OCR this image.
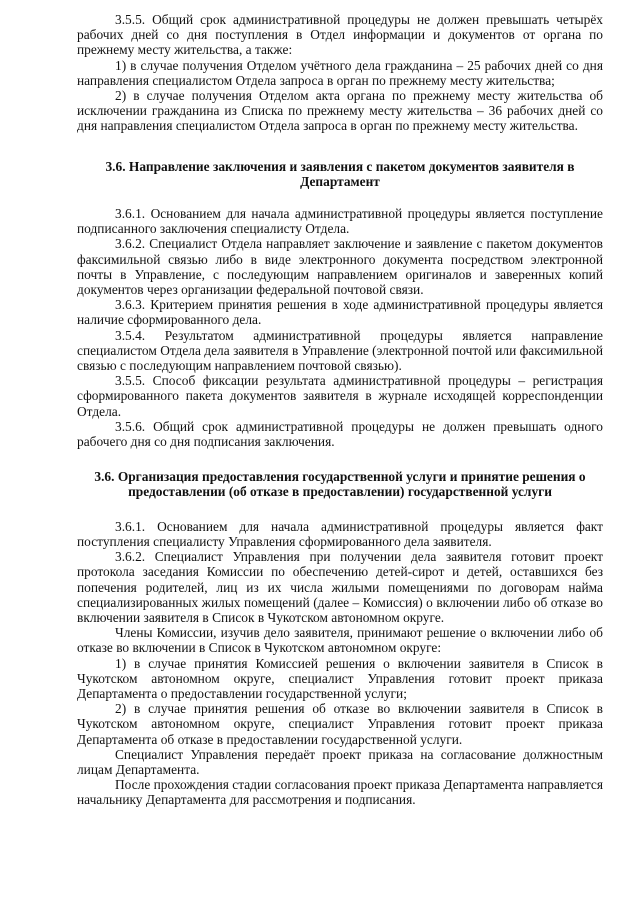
3.5.5. Общий срок административной процедуры не должен превышать четырёх рабочих дней со дня поступления в Отдел информации и документов от органа по прежнему месту жительства, а также:

1) в случае получения Отделом учётного дела гражданина – 25 рабочих дней со дня направления специалистом Отдела запроса в орган по прежнему месту жительства;

2) в случае получения Отделом акта органа по прежнему месту жительства об исключении гражданина из Списка по прежнему месту жительства – 36 рабочих дней со дня направления специалистом Отдела запроса в орган по прежнему месту жительства.

3.6. Направление заключения и заявления с пакетом документов заявителя в Департамент

3.6.1. Основанием для начала административной процедуры является поступление подписанного заключения специалисту Отдела.

3.6.2. Специалист Отдела направляет заключение и заявление с пакетом документов факсимильной связью либо в виде электронного документа посредством электронной почты в Управление, с последующим направлением оригиналов и заверенных копий документов через организации федеральной почтовой связи.

3.6.3. Критерием принятия решения в ходе административной процедуры является наличие сформированного дела.

3.5.4. Результатом административной процедуры является направление специалистом Отдела дела заявителя в Управление (электронной почтой или факсимильной связью с последующим направлением почтовой связью).

3.5.5. Способ фиксации результата административной процедуры – регистрация сформированного пакета документов заявителя в журнале исходящей корреспонденции Отдела.

3.5.6. Общий срок административной процедуры не должен превышать одного рабочего дня со дня подписания заключения.

3.6. Организация предоставления государственной услуги и принятие решения о предоставлении (об отказе в предоставлении) государственной услуги

3.6.1. Основанием для начала административной процедуры является факт поступления специалисту Управления сформированного дела заявителя.

3.6.2. Специалист Управления при получении дела заявителя готовит проект протокола заседания Комиссии по обеспечению детей-сирот и детей, оставшихся без попечения родителей, лиц из их числа жилыми помещениями по договорам найма специализированных жилых помещений (далее – Комиссия) о включении либо об отказе во включении заявителя в Список в Чукотском автономном округе.

Члены Комиссии, изучив дело заявителя, принимают решение о включении либо об отказе во включении в Список в Чукотском автономном округе:

1) в случае принятия Комиссией решения о включении заявителя в Список в Чукотском автономном округе, специалист Управления готовит проект приказа Департамента о предоставлении государственной услуги;

2) в случае принятия решения об отказе во включении заявителя в Список в Чукотском автономном округе, специалист Управления готовит проект приказа Департамента об отказе в предоставлении государственной услуги.

Специалист Управления передаёт проект приказа на согласование должностным лицам Департамента.

После прохождения стадии согласования проект приказа Департамента направляется начальнику Департамента для рассмотрения и подписания.
